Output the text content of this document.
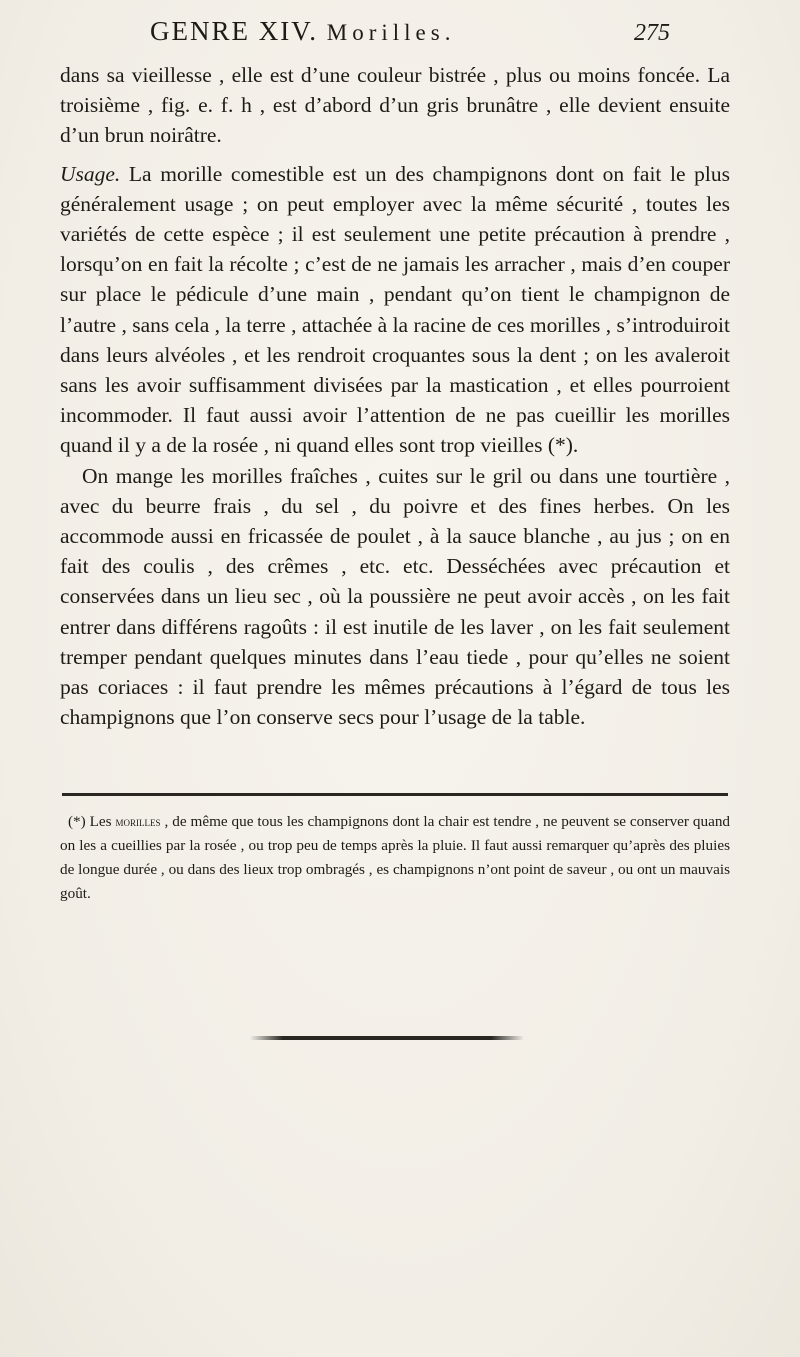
GENRE XIV. Morilles.	275

dans sa vieillesse , elle est d’une couleur bistrée , plus ou moins foncée. La troisième , fig. e. f. h , est d’abord d’un gris brunâtre , elle devient ensuite d’un brun noirâtre.

Usage. La morille comestible est un des champignons dont on fait le plus généralement usage ; on peut employer avec la même sécurité , toutes les variétés de cette espèce ; il est seulement une petite précaution à prendre , lorsqu’on en fait la récolte ; c’est de ne jamais les arracher , mais d’en couper sur place le pédicule d’une main , pendant qu’on tient le champignon de l’autre , sans cela , la terre , attachée à la racine de ces morilles , s’introduiroit dans leurs alvéoles , et les rendroit croquantes sous la dent ; on les avaleroit sans les avoir suffisamment divisées par la mastication , et elles pourroient incommoder. Il faut aussi avoir l’attention de ne pas cueillir les morilles quand il y a de la rosée , ni quand elles sont trop vieilles (*).

On mange les morilles fraîches , cuites sur le gril ou dans une tourtière , avec du beurre frais , du sel , du poivre et des fines herbes. On les accommode aussi en fricassée de poulet , à la sauce blanche , au jus ; on en fait des coulis , des crêmes , etc. etc. Desséchées avec précaution et conservées dans un lieu sec , où la poussière ne peut avoir accès , on les fait entrer dans différens ragoûts : il est inutile de les laver , on les fait seulement tremper pendant quelques minutes dans l’eau tiede , pour qu’elles ne soient pas coriaces : il faut prendre les mêmes précautions à l’égard de tous les champignons que l’on conserve secs pour l’usage de la table.

(*) Les morilles , de même que tous les champignons dont la chair est tendre , ne peuvent se conserver quand on les a cueillies par la rosée , ou trop peu de temps après la pluie. Il faut aussi remarquer qu’après des pluies de longue durée , ou dans des lieux trop ombragés , es champignons n’ont point de saveur , ou ont un mauvais goût.
